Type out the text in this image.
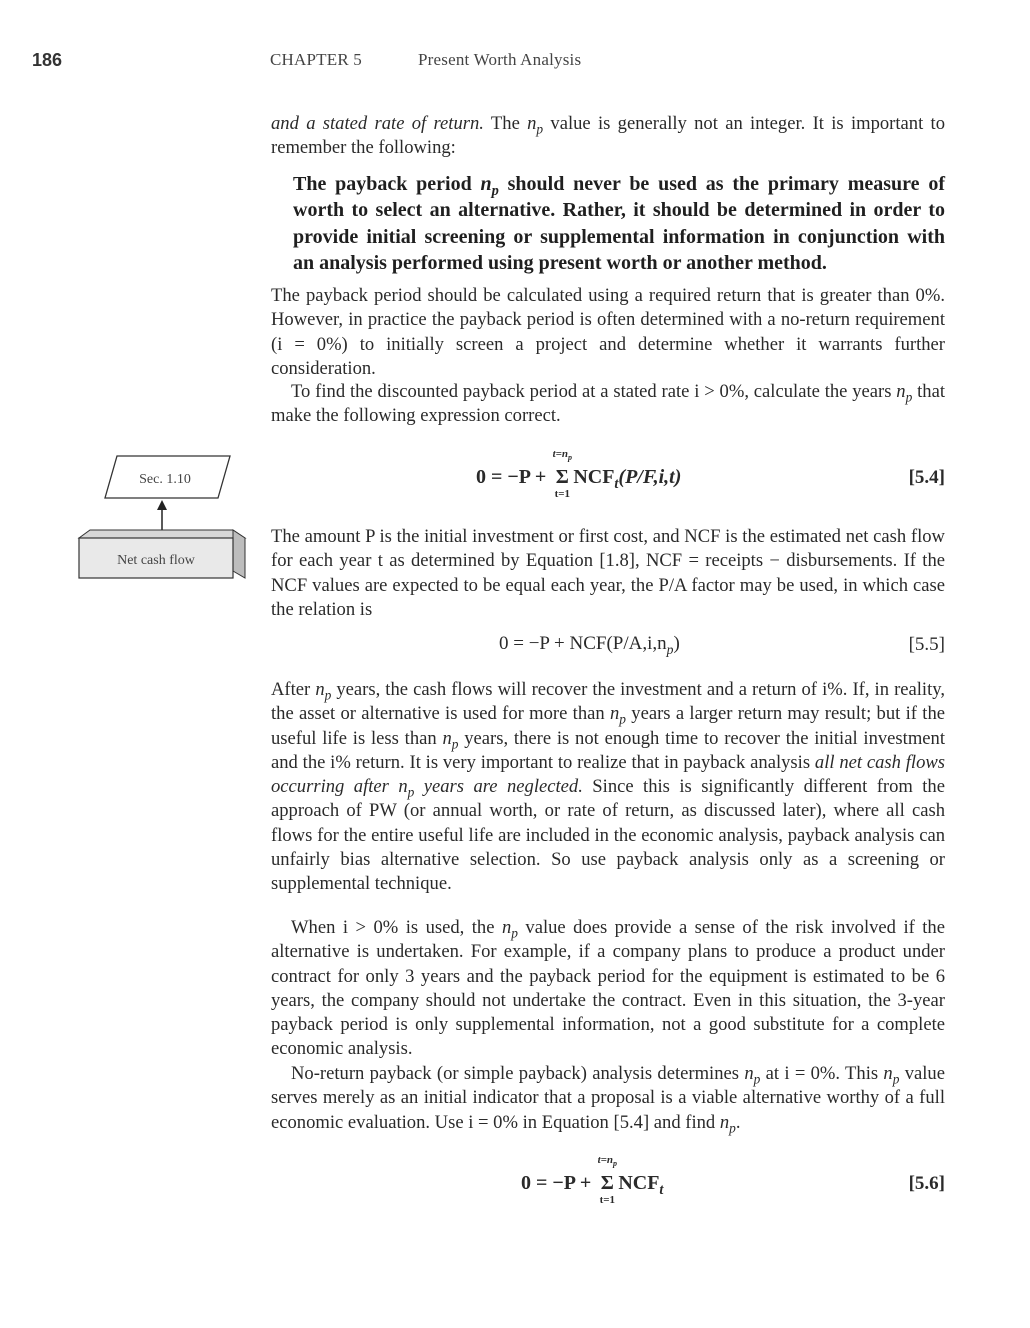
186	CHAPTER 5	Present Worth Analysis

and a stated rate of return. The $n_p$ value is generally not an integer. It is important to remember the following:

The payback period $n_p$ should never be used as the primary measure of worth to select an alternative. Rather, it should be determined in order to provide initial screening or supplemental information in conjunction with an analysis performed using present worth or another method.

The payback period should be calculated using a required return that is greater than 0%. However, in practice the payback period is often determined with a no-return requirement (i = 0%) to initially screen a project and determine whether it warrants further consideration.

To find the discounted payback period at a stated rate i > 0%, calculate the years $n_p$ that make the following expression correct.

0 = −P + Σ
$t=n_p$
t=1
$NCF_t(P/F,i,t)$	[5.4]

The amount P is the initial investment or first cost, and NCF is the estimated net cash flow for each year t as determined by Equation [1.8], NCF = receipts − disbursements. If the NCF values are expected to be equal each year, the P/A factor may be used, in which case the relation is

$0 = -P + NCF(P/A,i,n_p)$	[5.5]

After $n_p$ years, the cash flows will recover the investment and a return of i%. If, in reality, the asset or alternative is used for more than $n_p$ years a larger return may result; but if the useful life is less than $n_p$ years, there is not enough time to recover the initial investment and the i% return. It is very important to realize that in payback analysis all net cash flows occurring after $n_p$ years are neglected. Since this is significantly different from the approach of PW (or annual worth, or rate of return, as discussed later), where all cash flows for the entire useful life are included in the economic analysis, payback analysis can unfairly bias alternative selection. So use payback analysis only as a screening or supplemental technique.

When i > 0% is used, the $n_p$ value does provide a sense of the risk involved if the alternative is undertaken. For example, if a company plans to produce a product under contract for only 3 years and the payback period for the equipment is estimated to be 6 years, the company should not undertake the contract. Even in this situation, the 3-year payback period is only supplemental information, not a good substitute for a complete economic analysis.

No-return payback (or simple payback) analysis determines $n_p$ at i = 0%. This $n_p$ value serves merely as an initial indicator that a proposal is a viable alternative worthy of a full economic evaluation. Use i = 0% in Equation [5.4] and find $n_p$.

0 = −P + Σ
$t=n_p$
t=1
$NCF_t$	[5.6]
Sec. 1.10
Net cash flow
